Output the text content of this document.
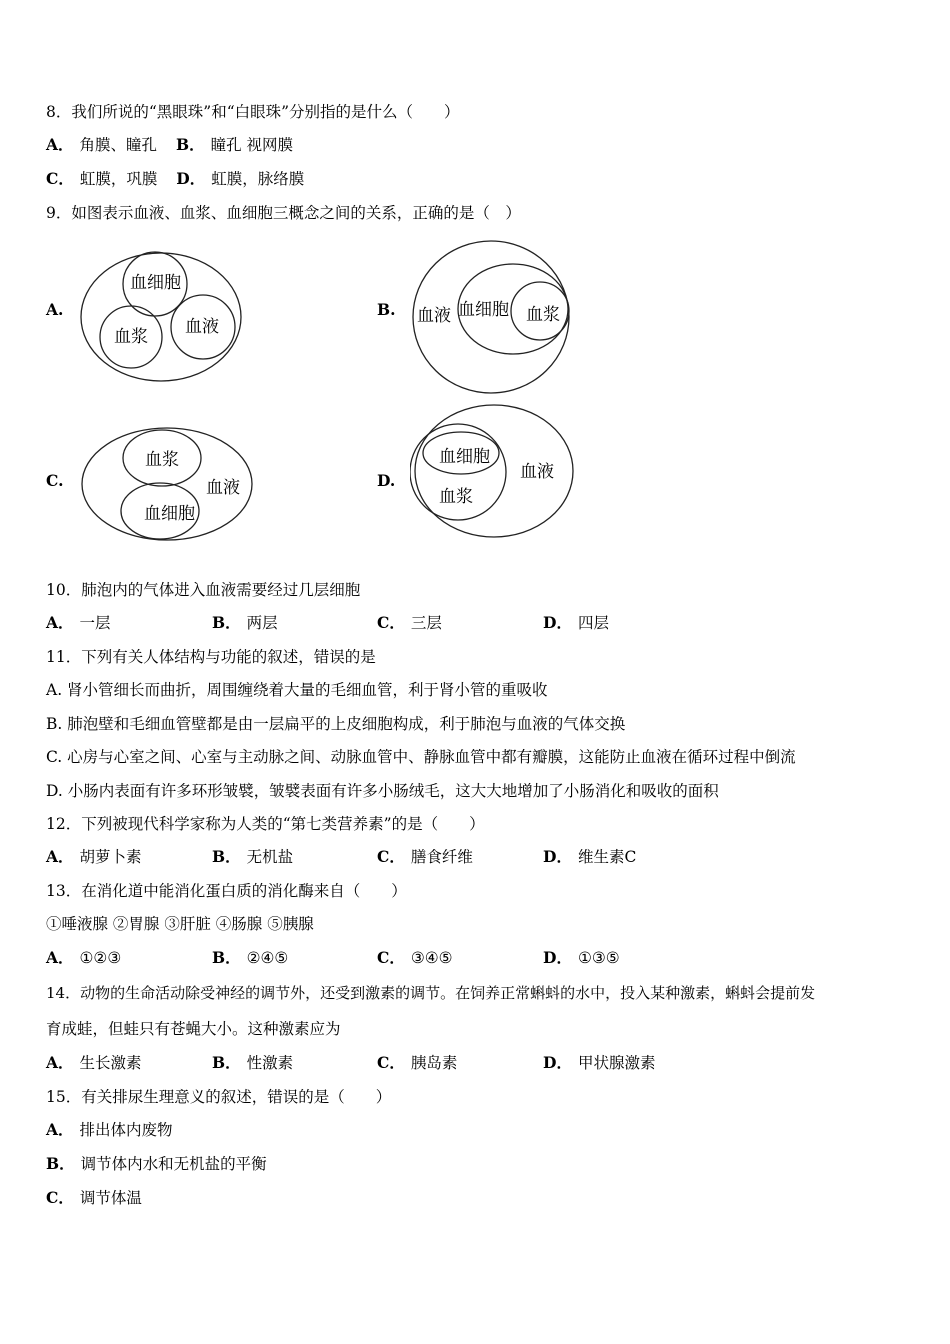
8．我们所说的“黑眼珠”和“白眼珠”分别指的是什么（　　）
A． 角膜、瞳孔 B． 瞳孔 视网膜
C． 虹膜，巩膜 D． 虹膜，脉络膜
9．如图表示血液、血浆、血细胞三概念之间的关系，正确的是（　）
A.
血细胞
血浆 血液
B. 血液 血细胞 血浆
C.
血浆
血细胞
血液	D.
血细胞
血浆
血液
10．肺泡内的气体进入血液需要经过几层细胞
A． 一层	B． 两层	C． 三层	D． 四层
11．下列有关人体结构与功能的叙述，错误的是
A. 肾小管细长而曲折，周围缠绕着大量的毛细血管，利于肾小管的重吸收
B. 肺泡壁和毛细血管壁都是由一层扁平的上皮细胞构成，利于肺泡与血液的气体交换
C. 心房与心室之间、心室与主动脉之间、动脉血管中、静脉血管中都有瓣膜，这能防止血液在循环过程中倒流
D. 小肠内表面有许多环形皱襞，皱襞表面有许多小肠绒毛，这大大地增加了小肠消化和吸收的面积
12．下列被现代科学家称为人类的“第七类营养素”的是（　　）
A． 胡萝卜素	B． 无机盐	C． 膳食纤维	D． 维生素C
13．在消化道中能消化蛋白质的消化酶来自（　　）
①唾液腺 ②胃腺 ③肝脏 ④肠腺 ⑤胰腺
A． ①②③	B． ②④⑤	C． ③④⑤	D． ①③⑤
14．动物的生命活动除受神经的调节外，还受到激素的调节。在饲养正常蝌蚪的水中，投入某种激素，蝌蚪会提前发
育成蛙，但蛙只有苍蝇大小。这种激素应为
A． 生长激素	B． 性激素	C． 胰岛素	D． 甲状腺激素
15．有关排尿生理意义的叙述，错误的是（　　）
A． 排出体内废物
B． 调节体内水和无机盐的平衡
C． 调节体温
